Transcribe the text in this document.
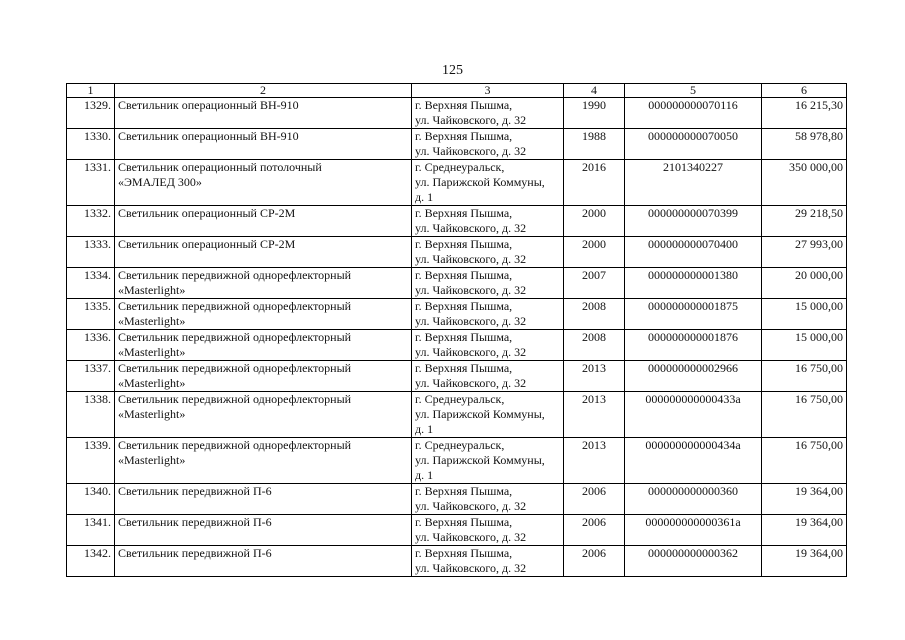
125
1	2	3	4	5	6
1329.	Светильник операционный ВН-910	г. Верхняя Пышма,
ул. Чайковского, д. 32	1990	000000000070116	16 215,30
1330.	Светильник операционный ВН-910	г. Верхняя Пышма,
ул. Чайковского, д. 32	1988	000000000070050	58 978,80
1331.	Светильник операционный потолочный
«ЭМАЛЕД 300»	г. Среднеуральск,
ул. Парижской Коммуны,
д. 1	2016	2101340227	350 000,00
1332.	Светильник операционный СР-2М	г. Верхняя Пышма,
ул. Чайковского, д. 32	2000	000000000070399	29 218,50
1333.	Светильник операционный СР-2М	г. Верхняя Пышма,
ул. Чайковского, д. 32	2000	000000000070400	27 993,00
1334.	Светильник передвижной однорефлекторный
«Masterlight»	г. Верхняя Пышма,
ул. Чайковского, д. 32	2007	000000000001380	20 000,00
1335.	Светильник передвижной однорефлекторный
«Masterlight»	г. Верхняя Пышма,
ул. Чайковского, д. 32	2008	000000000001875	15 000,00
1336.	Светильник передвижной однорефлекторный
«Masterlight»	г. Верхняя Пышма,
ул. Чайковского, д. 32	2008	000000000001876	15 000,00
1337.	Светильник передвижной однорефлекторный
«Masterlight»	г. Верхняя Пышма,
ул. Чайковского, д. 32	2013	000000000002966	16 750,00
1338.	Светильник передвижной однорефлекторный
«Masterlight»	г. Среднеуральск,
ул. Парижской Коммуны,
д. 1	2013	000000000000433а	16 750,00
1339.	Светильник передвижной однорефлекторный
«Masterlight»	г. Среднеуральск,
ул. Парижской Коммуны,
д. 1	2013	000000000000434а	16 750,00
1340.	Светильник передвижной П-6	г. Верхняя Пышма,
ул. Чайковского, д. 32	2006	000000000000360	19 364,00
1341.	Светильник передвижной П-6	г. Верхняя Пышма,
ул. Чайковского, д. 32	2006	000000000000361а	19 364,00
1342.	Светильник передвижной П-6	г. Верхняя Пышма,
ул. Чайковского, д. 32	2006	000000000000362	19 364,00
